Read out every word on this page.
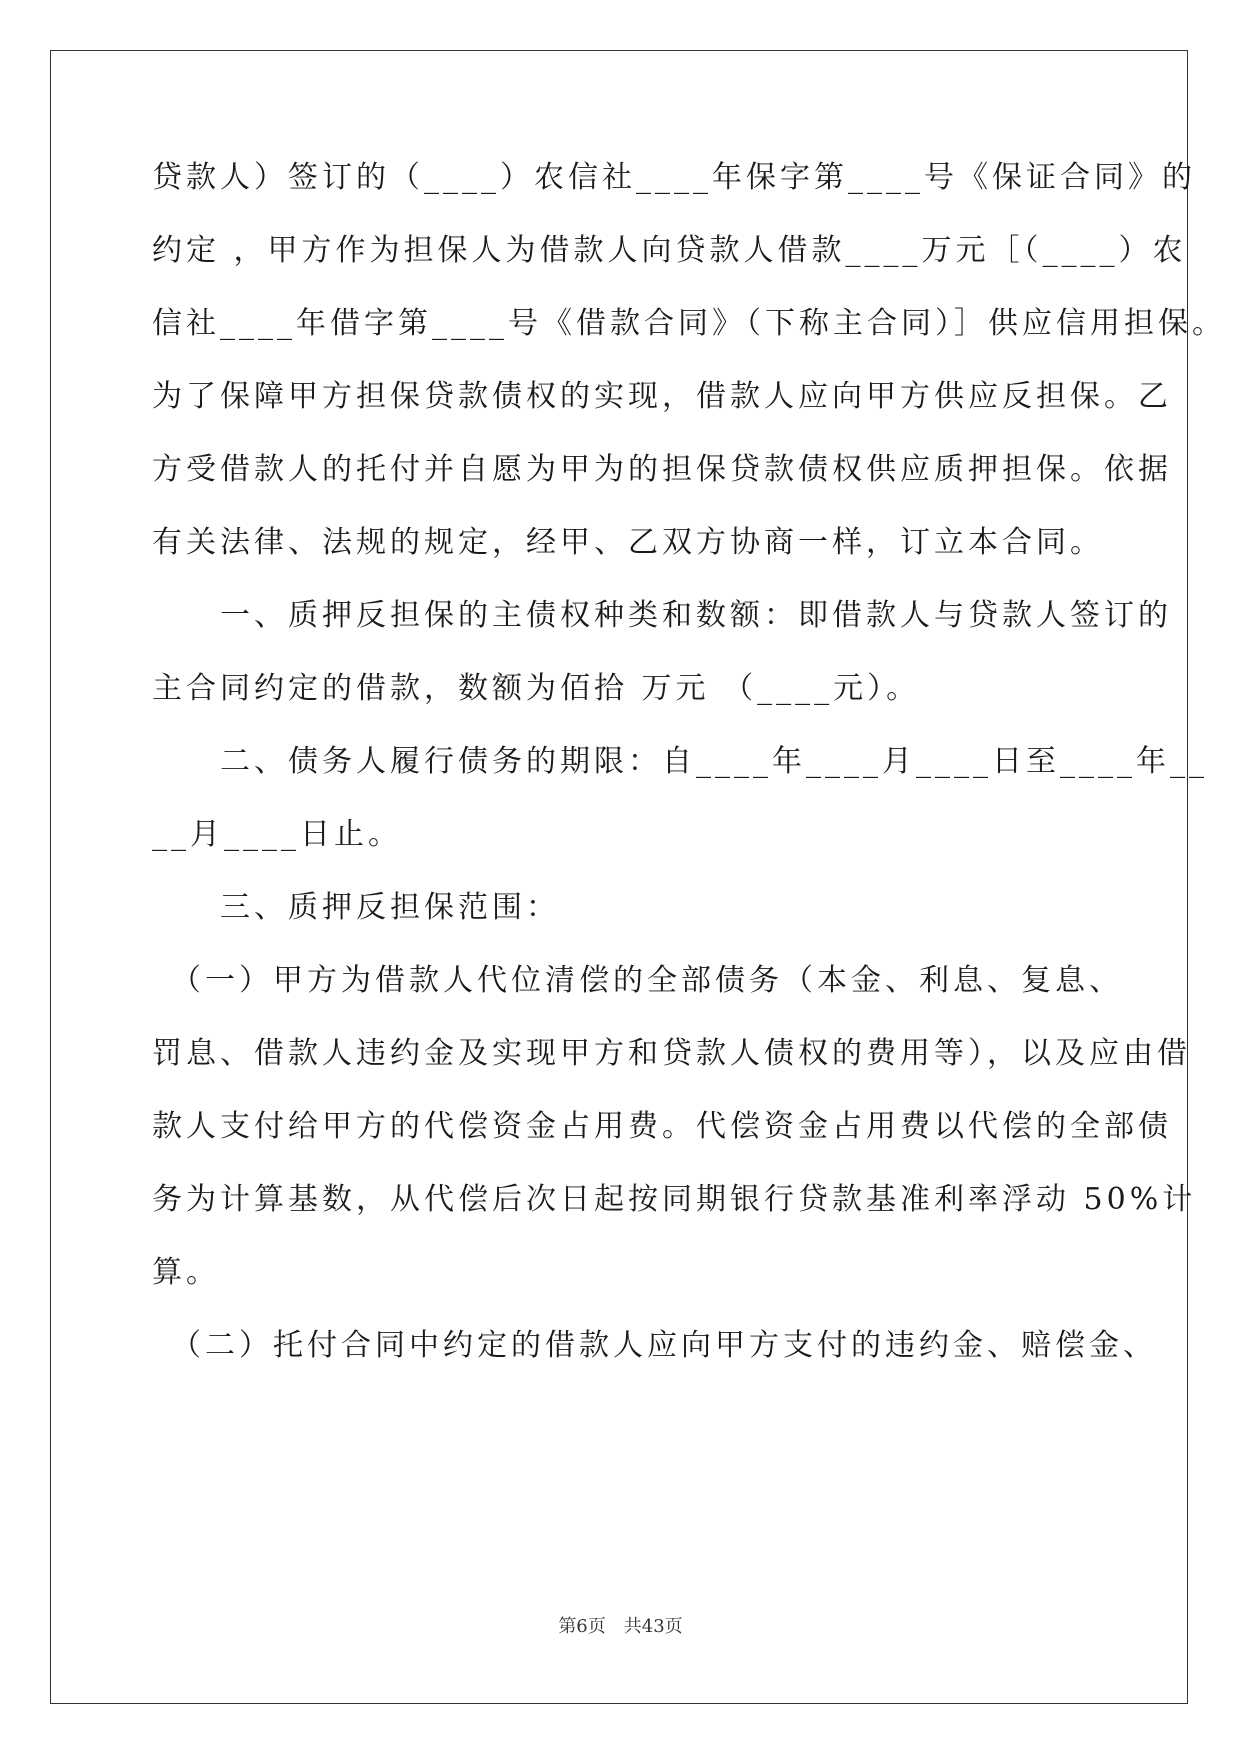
贷款人）签订的（____）农信社____年保字第____号《保证合同》的
约定 ，甲方作为担保人为借款人向贷款人借款____万元［（____）农
信社____年借字第____号《借款合同》（下称主合同）］供应信用担保。
为了保障甲方担保贷款债权的实现，借款人应向甲方供应反担保。乙
方受借款人的托付并自愿为甲为的担保贷款债权供应质押担保。依据
有关法律、法规的规定，经甲、乙双方协商一样，订立本合同。
　　一、质押反担保的主债权种类和数额：即借款人与贷款人签订的
主合同约定的借款，数额为佰拾 万元 （____元）。
　　二、债务人履行债务的期限：自____年____月____日至____年__
__月____日止。
　　三、质押反担保范围：
　（一）甲方为借款人代位清偿的全部债务（本金、利息、复息、
罚息、借款人违约金及实现甲方和贷款人债权的费用等），以及应由借
款人支付给甲方的代偿资金占用费。代偿资金占用费以代偿的全部债
务为计算基数，从代偿后次日起按同期银行贷款基准利率浮动 50%计
算。
　（二）托付合同中约定的借款人应向甲方支付的违约金、赔偿金、
第6页　共43页
